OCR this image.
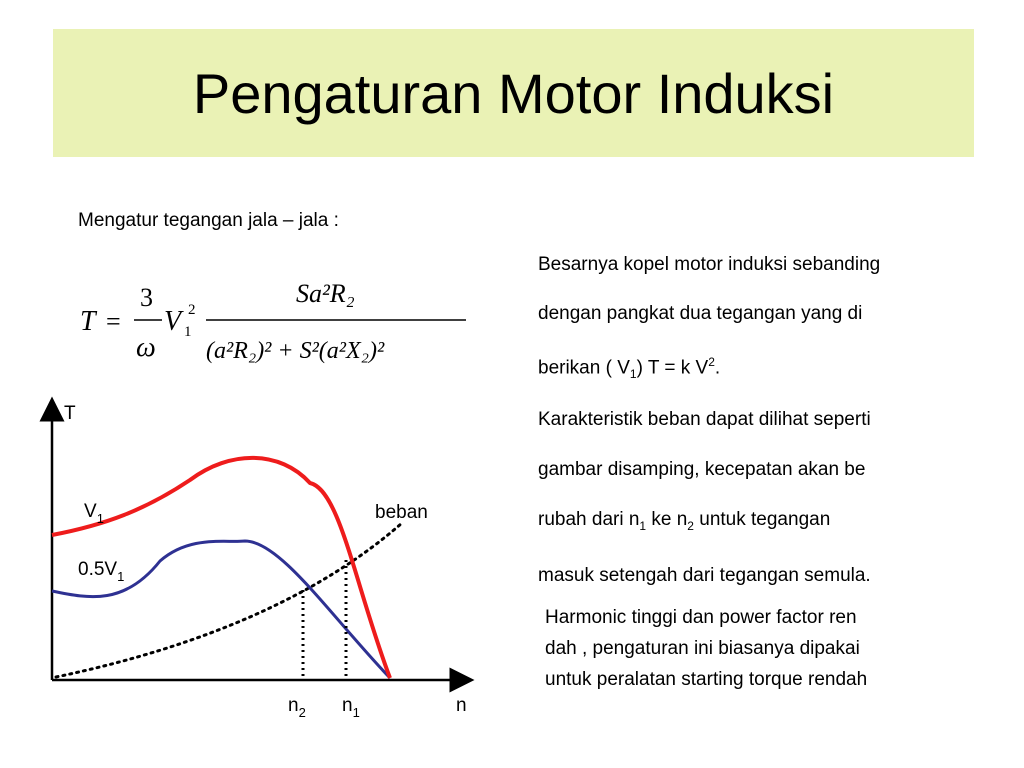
Pengaturan Motor Induksi
Mengatur tegangan jala – jala :
T =
3
ω
V 2
1
Sa²R₂
(a²R₂)² + S²(a²X₂)²
T
n
$V_1$
$0.5V_1$
beban
$n_2$ $n_1$
Besarnya kopel motor induksi sebanding
dengan pangkat dua tegangan yang di
berikan ( $V_1$) T = k $V^2$.
Karakteristik beban dapat dilihat seperti
gambar disamping, kecepatan akan be
rubah dari $n_1$ ke $n_2$ untuk tegangan
masuk setengah dari tegangan semula.
Harmonic tinggi dan power factor ren
dah , pengaturan ini biasanya dipakai
untuk peralatan starting torque rendah
